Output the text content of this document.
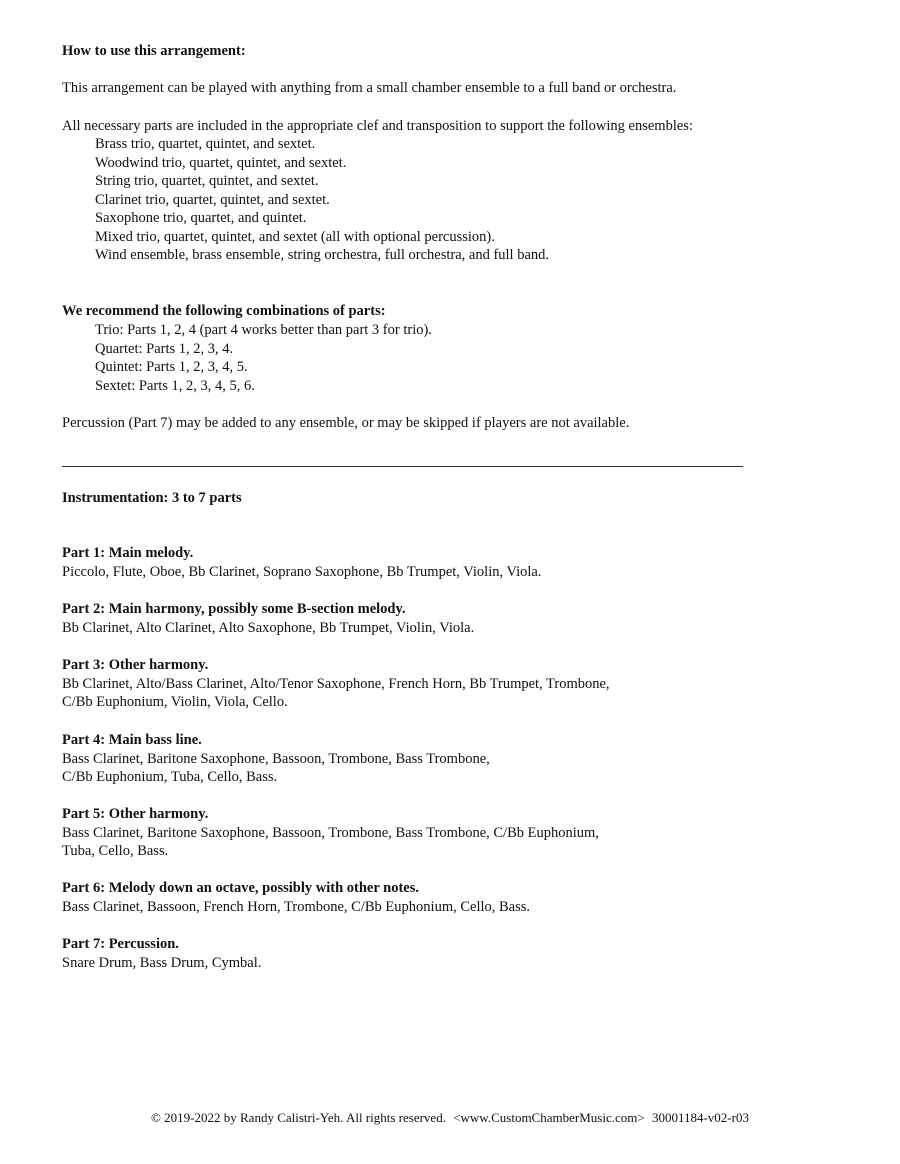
How to use this arrangement:
This arrangement can be played with anything from a small chamber ensemble to a full band or orchestra.
All necessary parts are included in the appropriate clef and transposition to support the following ensembles:
Brass trio, quartet, quintet, and sextet.
Woodwind trio, quartet, quintet, and sextet.
String trio, quartet, quintet, and sextet.
Clarinet trio, quartet, quintet, and sextet.
Saxophone trio, quartet, and quintet.
Mixed trio, quartet, quintet, and sextet (all with optional percussion).
Wind ensemble, brass ensemble, string orchestra, full orchestra, and full band.
We recommend the following combinations of parts:
Trio: Parts 1, 2, 4 (part 4 works better than part 3 for trio).
Quartet: Parts 1, 2, 3, 4.
Quintet: Parts 1, 2, 3, 4, 5.
Sextet: Parts 1, 2, 3, 4, 5, 6.
Percussion (Part 7) may be added to any ensemble, or may be skipped if players are not available.
Instrumentation: 3 to 7 parts
Part 1: Main melody.
Piccolo, Flute, Oboe, Bb Clarinet, Soprano Saxophone, Bb Trumpet, Violin, Viola.
Part 2: Main harmony, possibly some B-section melody.
Bb Clarinet, Alto Clarinet, Alto Saxophone, Bb Trumpet, Violin, Viola.
Part 3: Other harmony.
Bb Clarinet, Alto/Bass Clarinet, Alto/Tenor Saxophone, French Horn, Bb Trumpet, Trombone,
C/Bb Euphonium, Violin, Viola, Cello.
Part 4: Main bass line.
Bass Clarinet, Baritone Saxophone, Bassoon, Trombone, Bass Trombone,
C/Bb Euphonium, Tuba, Cello, Bass.
Part 5: Other harmony.
Bass Clarinet, Baritone Saxophone, Bassoon, Trombone, Bass Trombone, C/Bb Euphonium,
Tuba, Cello, Bass.
Part 6: Melody down an octave, possibly with other notes.
Bass Clarinet, Bassoon, French Horn, Trombone, C/Bb Euphonium, Cello, Bass.
Part 7: Percussion.
Snare Drum, Bass Drum, Cymbal.
© 2019-2022 by Randy Calistri-Yeh. All rights reserved. <www.CustomChamberMusic.com> 30001184-v02-r03
